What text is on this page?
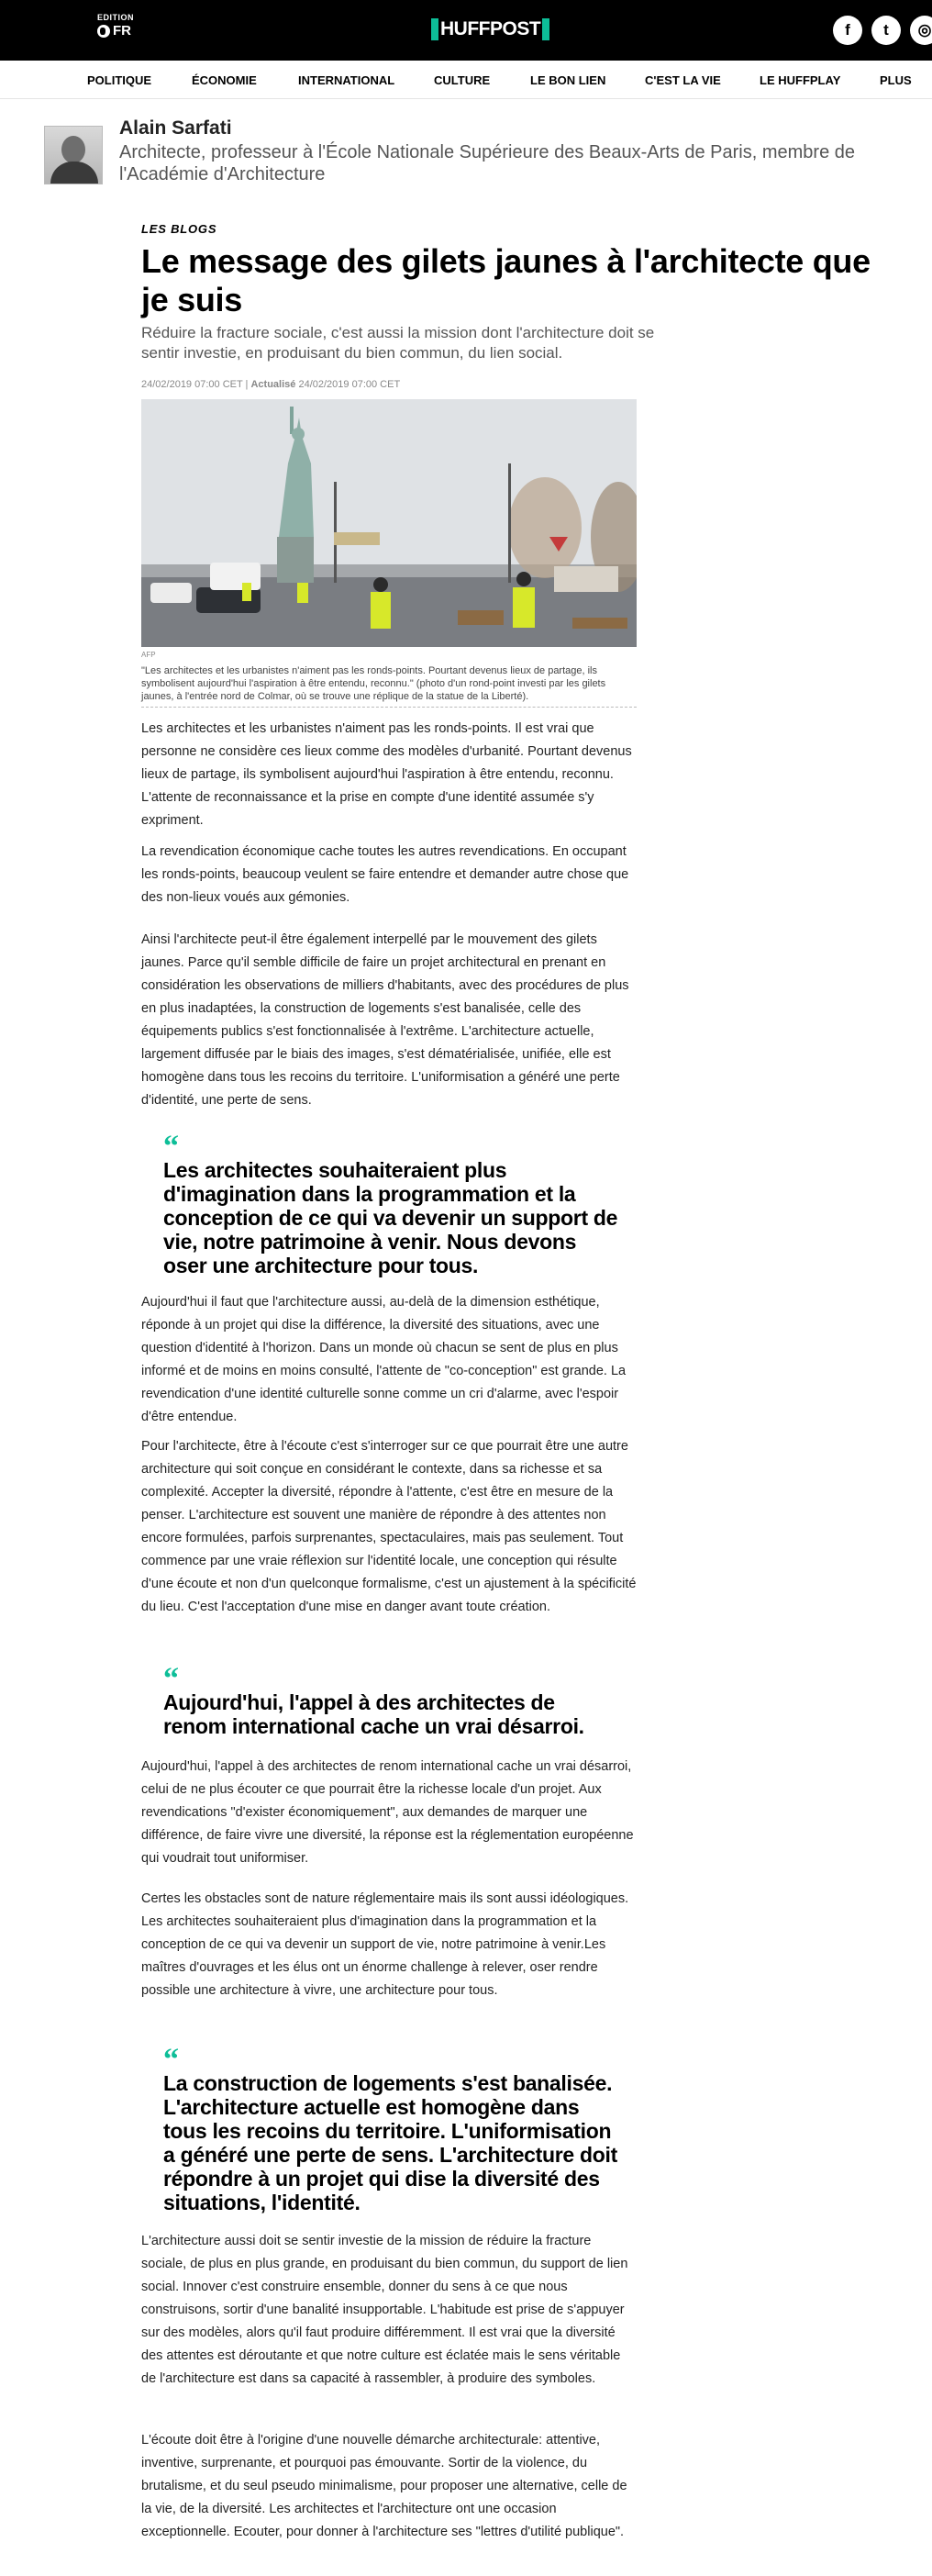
EDITION
FR	HUFFPOST	f	t	◎
POLITIQUE	ÉCONOMIE	INTERNATIONAL	CULTURE	LE BON LIEN	C'EST LA VIE	LE HUFFPLAY	PLUS
Alain Sarfati
Architecte, professeur à l'École Nationale Supérieure des Beaux-Arts de Paris, membre de l'Académie d'Architecture
LES BLOGS
Le message des gilets jaunes à l'architecte que je suis
Réduire la fracture sociale, c'est aussi la mission dont l'architecture doit se sentir investie, en produisant du bien commun, du lien social.
24/02/2019 07:00 CET | Actualisé 24/02/2019 07:00 CET
AFP
"Les architectes et les urbanistes n'aiment pas les ronds-points. Pourtant devenus lieux de partage, ils symbolisent aujourd'hui l'aspiration à être entendu, reconnu." (photo d'un rond-point investi par les gilets jaunes, à l'entrée nord de Colmar, où se trouve une réplique de la statue de la Liberté).

Les architectes et les urbanistes n'aiment pas les ronds-points. Il est vrai que personne ne considère ces lieux comme des modèles d'urbanité. Pourtant devenus lieux de partage, ils symbolisent aujourd'hui l'aspiration à être entendu, reconnu. L'attente de reconnaissance et la prise en compte d'une identité assumée s'y expriment.

La revendication économique cache toutes les autres revendications. En occupant les ronds-points, beaucoup veulent se faire entendre et demander autre chose que des non-lieux voués aux gémonies.

Ainsi l'architecte peut-il être également interpellé par le mouvement des gilets jaunes. Parce qu'il semble difficile de faire un projet architectural en prenant en considération les observations de milliers d'habitants, avec des procédures de plus en plus inadaptées, la construction de logements s'est banalisée, celle des équipements publics s'est fonctionnalisée à l'extrême. L'architecture actuelle, largement diffusée par le biais des images, s'est dématérialisée, unifiée, elle est homogène dans tous les recoins du territoire. L'uniformisation a généré une perte d'identité, une perte de sens.

“
Les architectes souhaiteraient plus d'imagination dans la programmation et la conception de ce qui va devenir un support de vie, notre patrimoine à venir. Nous devons oser une architecture pour tous.

Aujourd'hui il faut que l'architecture aussi, au-delà de la dimension esthétique, réponde à un projet qui dise la différence, la diversité des situations, avec une question d'identité à l'horizon. Dans un monde où chacun se sent de plus en plus informé et de moins en moins consulté, l'attente de "co-conception" est grande. La revendication d'une identité culturelle sonne comme un cri d'alarme, avec l'espoir d'être entendue.

Pour l'architecte, être à l'écoute c'est s'interroger sur ce que pourrait être une autre architecture qui soit conçue en considérant le contexte, dans sa richesse et sa complexité. Accepter la diversité, répondre à l'attente, c'est être en mesure de la penser. L'architecture est souvent une manière de répondre à des attentes non encore formulées, parfois surprenantes, spectaculaires, mais pas seulement. Tout commence par une vraie réflexion sur l'identité locale, une conception qui résulte d'une écoute et non d'un quelconque formalisme, c'est un ajustement à la spécificité du lieu. C'est l'acceptation d'une mise en danger avant toute création.

“
Aujourd'hui, l'appel à des architectes de renom international cache un vrai désarroi.

Aujourd'hui, l'appel à des architectes de renom international cache un vrai désarroi, celui de ne plus écouter ce que pourrait être la richesse locale d'un projet. Aux revendications "d'exister économiquement", aux demandes de marquer une différence, de faire vivre une diversité, la réponse est la réglementation européenne qui voudrait tout uniformiser.

Certes les obstacles sont de nature réglementaire mais ils sont aussi idéologiques. Les architectes souhaiteraient plus d'imagination dans la programmation et la conception de ce qui va devenir un support de vie, notre patrimoine à venir.Les maîtres d'ouvrages et les élus ont un énorme challenge à relever, oser rendre possible une architecture à vivre, une architecture pour tous.

“
La construction de logements s'est banalisée. L'architecture actuelle est homogène dans tous les recoins du territoire. L'uniformisation a généré une perte de sens. L'architecture doit répondre à un projet qui dise la diversité des situations, l'identité.

L'architecture aussi doit se sentir investie de la mission de réduire la fracture sociale, de plus en plus grande, en produisant du bien commun, du support de lien social. Innover c'est construire ensemble, donner du sens à ce que nous construisons, sortir d'une banalité insupportable. L'habitude est prise de s'appuyer sur des modèles, alors qu'il faut produire différemment. Il est vrai que la diversité des attentes est déroutante et que notre culture est éclatée mais le sens véritable de l'architecture est dans sa capacité à rassembler, à produire des symboles.

L'écoute doit être à l'origine d'une nouvelle démarche architecturale: attentive, inventive, surprenante, et pourquoi pas émouvante. Sortir de la violence, du brutalisme, et du seul pseudo minimalisme, pour proposer une alternative, celle de la vie, de la diversité. Les architectes et l'architecture ont une occasion exceptionnelle. Ecouter, pour donner à l'architecture ses "lettres d'utilité publique".
